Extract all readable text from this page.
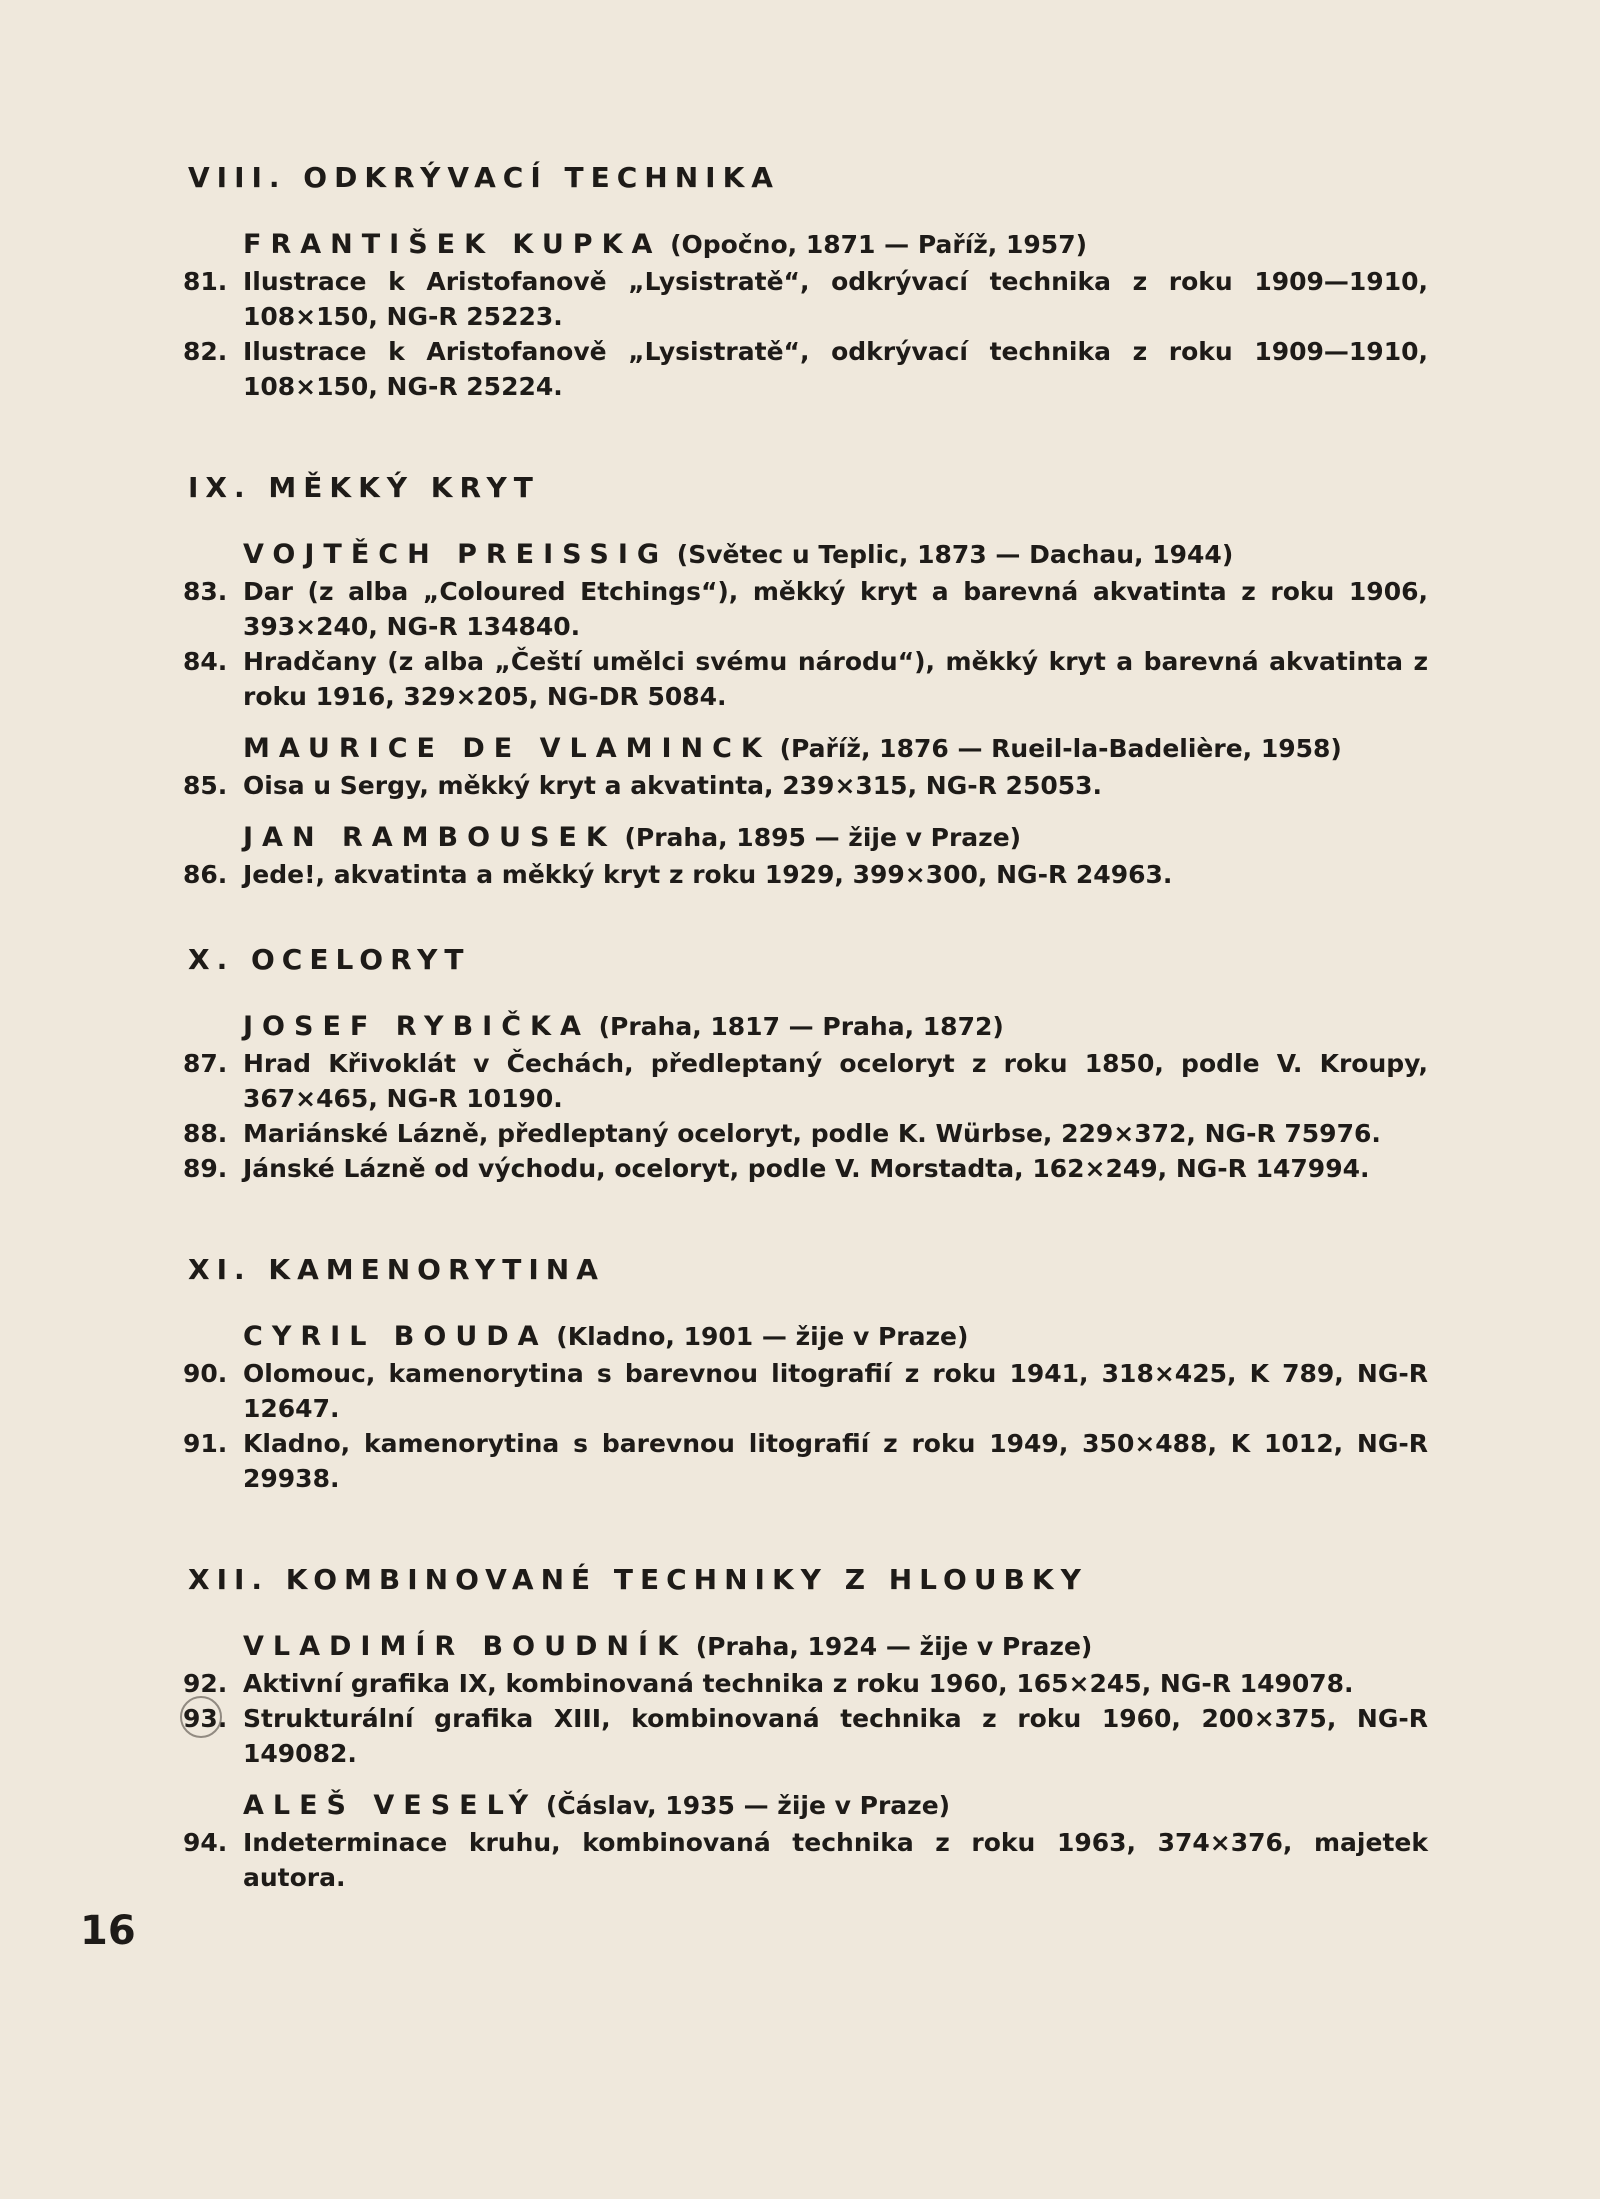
VIII. ODKRÝVACÍ TECHNIKA
FRANTIŠEK KUPKA (Opočno, 1871 — Paříž, 1957)
81. Ilustrace k Aristofanově „Lysistratě“, odkrývací technika z roku 1909—1910, 108×150, NG-R 25223.
82. Ilustrace k Aristofanově „Lysistratě“, odkrývací technika z roku 1909—1910, 108×150, NG-R 25224.
IX. MĚKKÝ KRYT
VOJTĚCH PREISSIG (Světec u Teplic, 1873 — Dachau, 1944)
83. Dar (z alba „Coloured Etchings“), měkký kryt a barevná akvatinta z roku 1906, 393×240, NG-R 134840.
84. Hradčany (z alba „Čeští umělci svému národu“), měkký kryt a barevná akvatinta z roku 1916, 329×205, NG-DR 5084.
MAURICE DE VLAMINCK (Paříž, 1876 — Rueil-la-Badelière, 1958)
85. Oisa u Sergy, měkký kryt a akvatinta, 239×315, NG-R 25053.
JAN RAMBOUSEK (Praha, 1895 — žije v Praze)
86. Jede!, akvatinta a měkký kryt z roku 1929, 399×300, NG-R 24963.
X. OCELORYT
JOSEF RYBIČKA (Praha, 1817 — Praha, 1872)
87. Hrad Křivoklát v Čechách, předleptaný oceloryt z roku 1850, podle V. Kroupy, 367×465, NG-R 10190.
88. Mariánské Lázně, předleptaný oceloryt, podle K. Würbse, 229×372, NG-R 75976.
89. Jánské Lázně od východu, oceloryt, podle V. Morstadta, 162×249, NG-R 147994.
XI. KAMENORYTINA
CYRIL BOUDA (Kladno, 1901 — žije v Praze)
90. Olomouc, kamenorytina s barevnou litografií z roku 1941, 318×425, K 789, NG-R 12647.
91. Kladno, kamenorytina s barevnou litografií z roku 1949, 350×488, K 1012, NG-R 29938.
XII. KOMBINOVANÉ TECHNIKY Z HLOUBKY
VLADIMÍR BOUDNÍK (Praha, 1924 — žije v Praze)
92. Aktivní grafika IX, kombinovaná technika z roku 1960, 165×245, NG-R 149078.
93. Strukturální grafika XIII, kombinovaná technika z roku 1960, 200×375, NG-R 149082.
ALEŠ VESELÝ (Čáslav, 1935 — žije v Praze)
94. Indeterminace kruhu, kombinovaná technika z roku 1963, 374×376, majetek autora.
16
